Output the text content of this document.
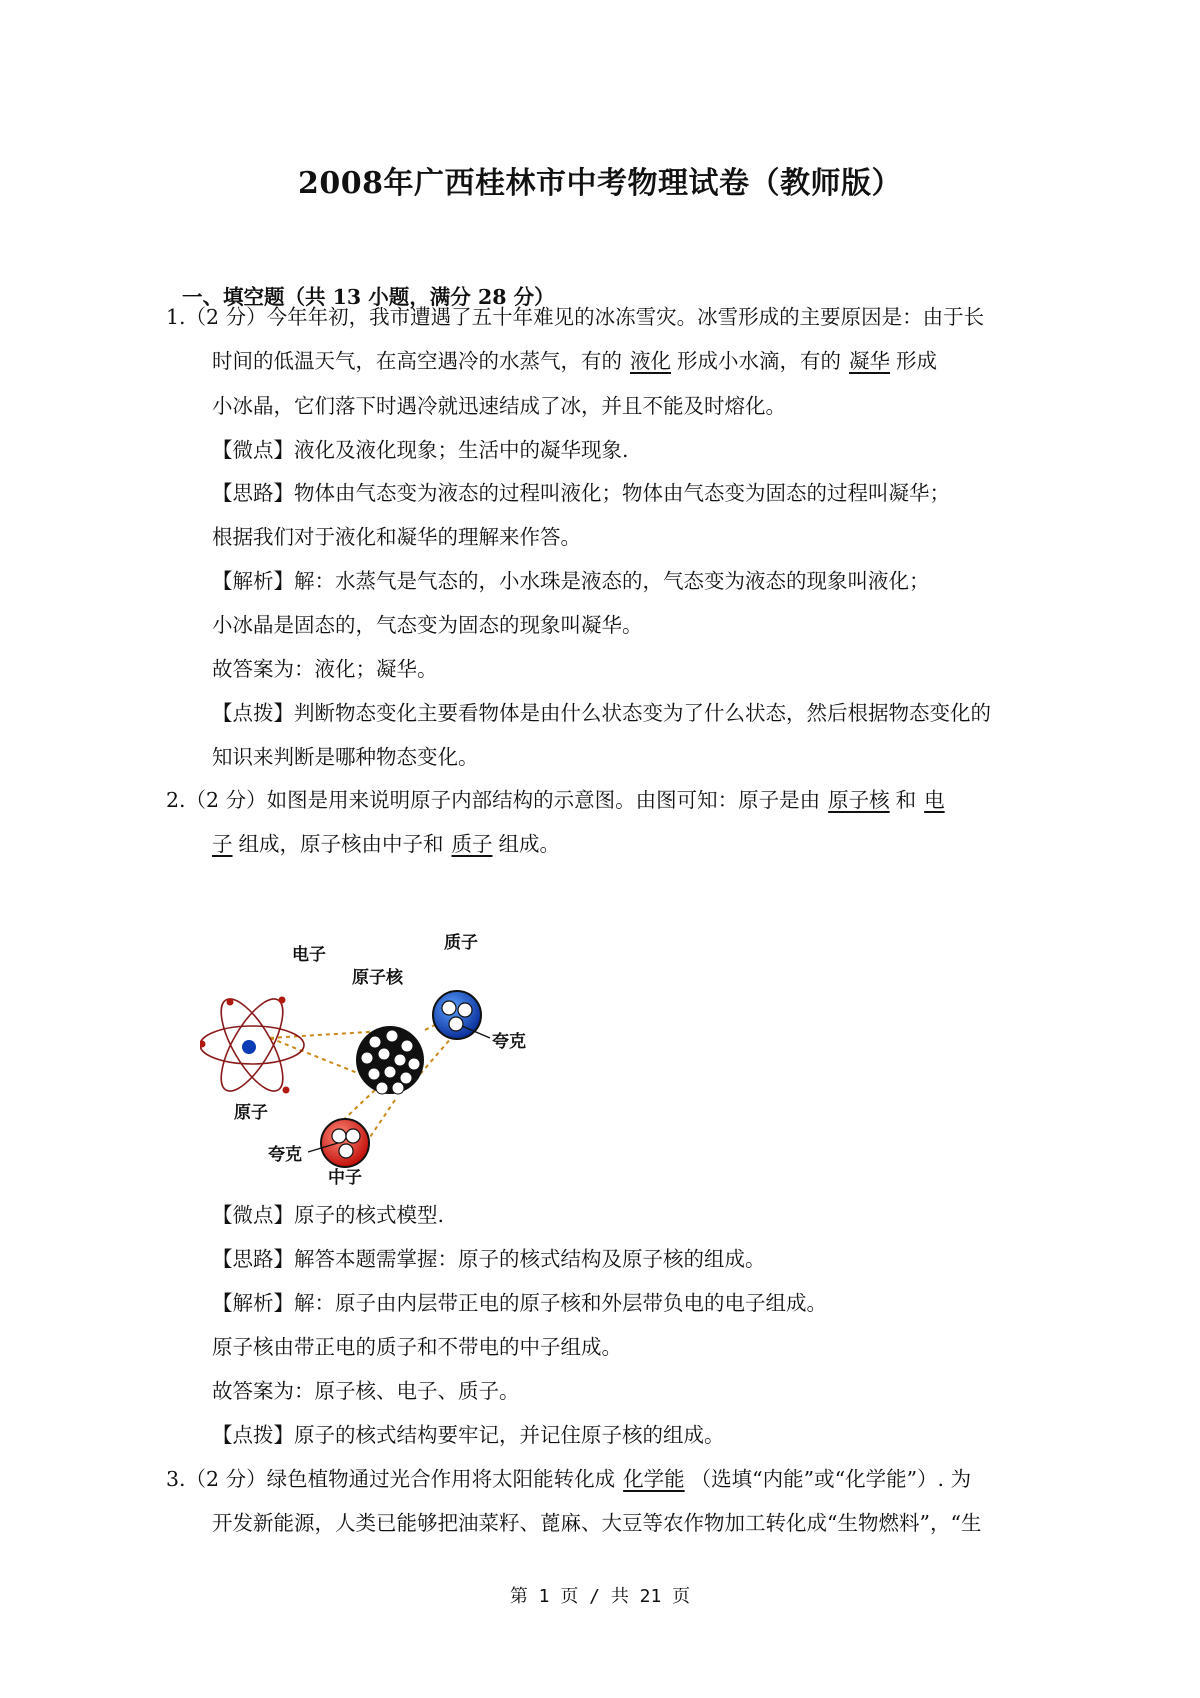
2008年广西桂林市中考物理试卷（教师版）
一、填空题（共 13 小题，满分 28 分）
1.（2 分）今年年初，我市遭遇了五十年难见的冰冻雪灾。冰雪形成的主要原因是：由于长
时间的低温天气，在高空遇冷的水蒸气，有的 液化 形成小水滴，有的 凝华 形成
小冰晶，它们落下时遇冷就迅速结成了冰，并且不能及时熔化。
【微点】液化及液化现象；生活中的凝华现象.
【思路】物体由气态变为液态的过程叫液化；物体由气态变为固态的过程叫凝华；
根据我们对于液化和凝华的理解来作答。
【解析】解：水蒸气是气态的，小水珠是液态的，气态变为液态的现象叫液化；
小冰晶是固态的，气态变为固态的现象叫凝华。
故答案为：液化；凝华。
【点拨】判断物态变化主要看物体是由什么状态变为了什么状态，然后根据物态变化的
知识来判断是哪种物态变化。
2.（2 分）如图是用来说明原子内部结构的示意图。由图可知：原子是由 原子核 和 电
子 组成，原子核由中子和 质子 组成。
电子
原子核
质子
夸克
原子
夸克
中子
【微点】原子的核式模型.
【思路】解答本题需掌握：原子的核式结构及原子核的组成。
【解析】解：原子由内层带正电的原子核和外层带负电的电子组成。
原子核由带正电的质子和不带电的中子组成。
故答案为：原子核、电子、质子。
【点拨】原子的核式结构要牢记，并记住原子核的组成。
3.（2 分）绿色植物通过光合作用将太阳能转化成 化学能 （选填“内能”或“化学能”）. 为
开发新能源，人类已能够把油菜籽、蓖麻、大豆等农作物加工转化成“生物燃料”，“生
第 1 页 / 共 21 页
